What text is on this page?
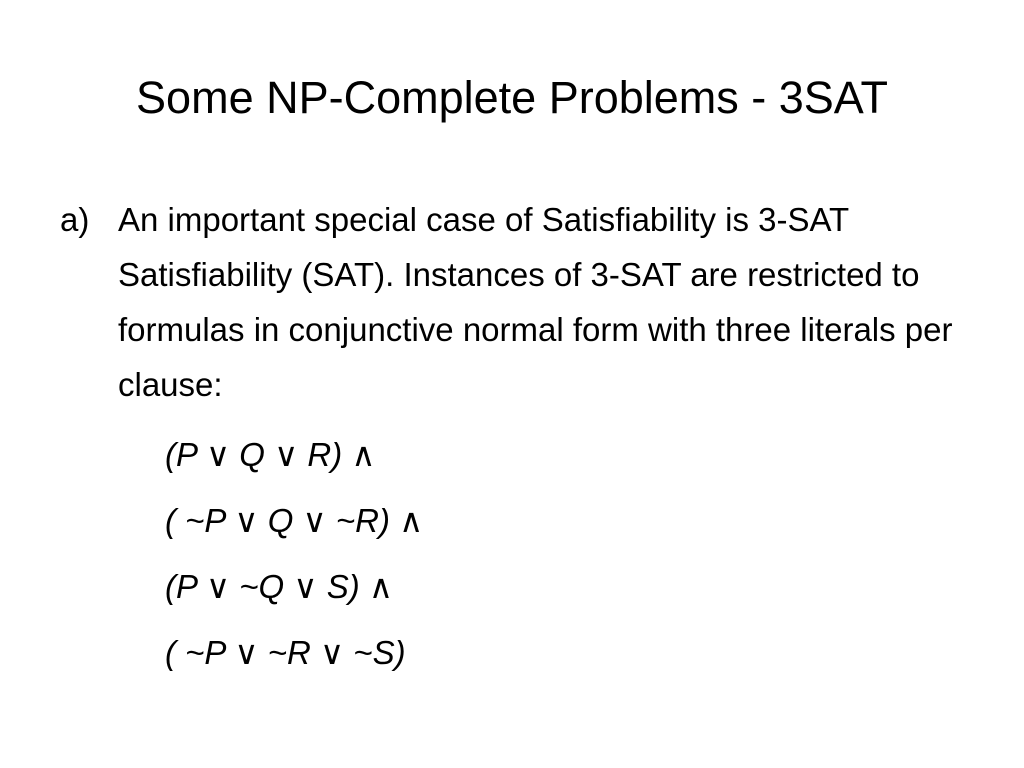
Some NP-Complete Problems - 3SAT
a) An important special case of Satisfiability is 3-SAT Satisfiability (SAT). Instances of 3-SAT are restricted to formulas in conjunctive normal form with three literals per clause:

(P ∨ Q ∨ R) ∧
( ~P ∨ Q ∨ ~R) ∧
(P ∨ ~Q ∨ S) ∧
( ~P ∨ ~R ∨ ~S)
